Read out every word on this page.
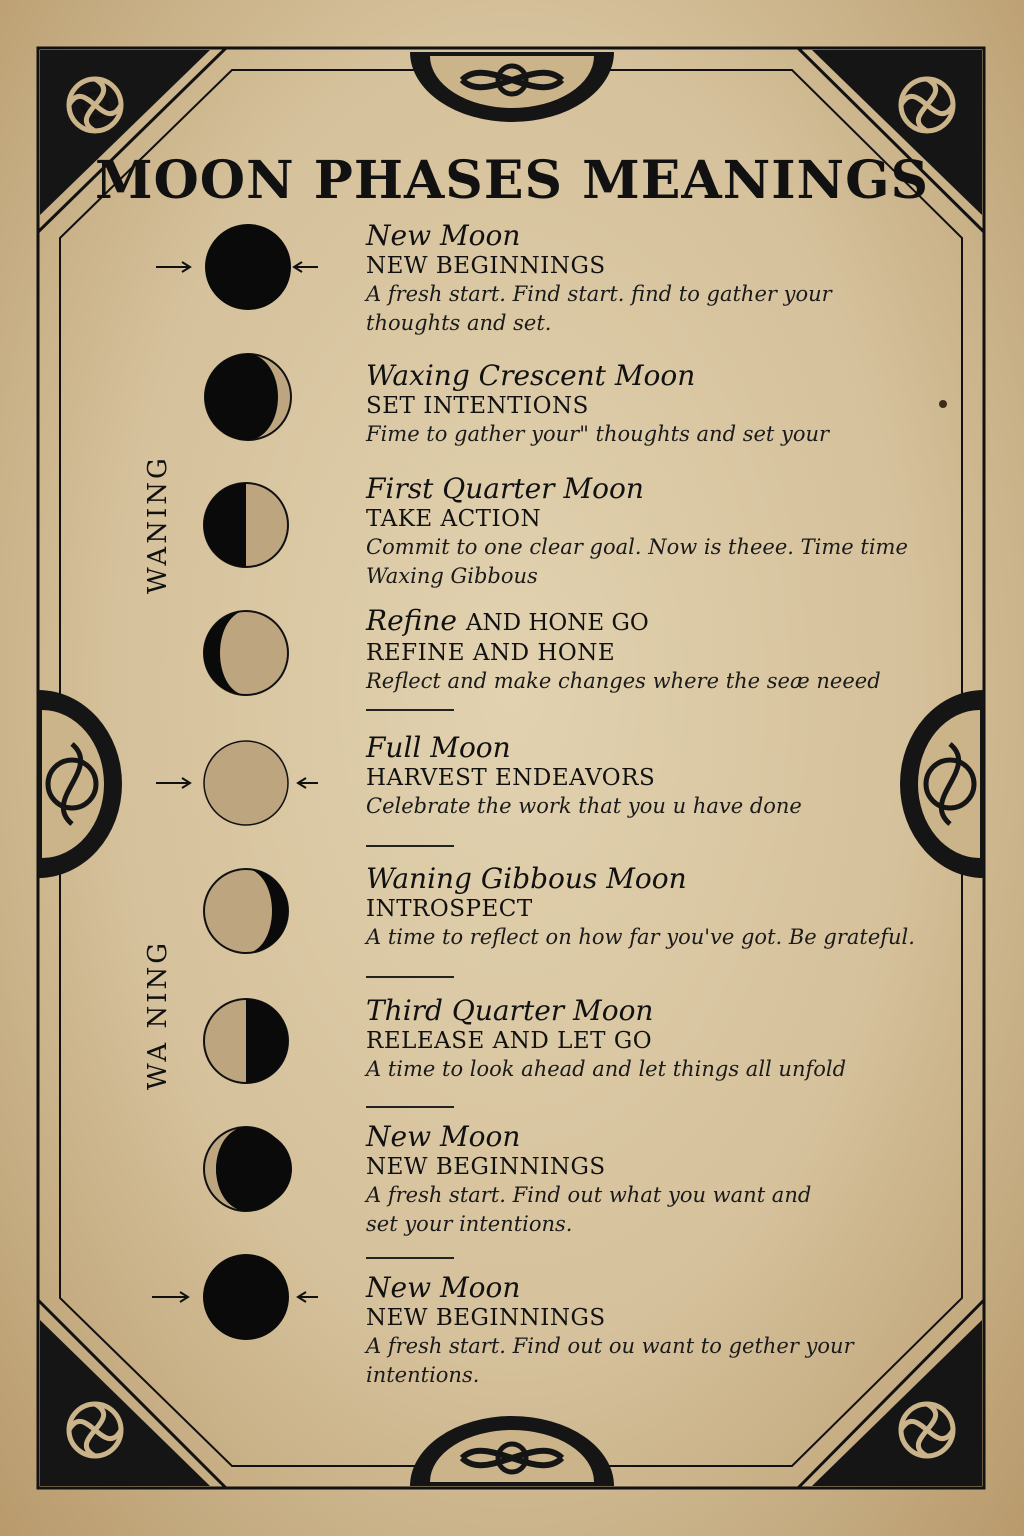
MOON PHASES MEANINGS
WANING
WA NING
New Moon
NEW BEGINNINGS
A fresh start. Find start. find to gather your
thoughts and set.
Waxing Crescent Moon
SET INTENTIONS
Fime to gather your" thoughts and set your
First Quarter Moon
TAKE ACTION
Commit to one clear goal. Now is theee. Time time
Waxing Gibbous
Refine AND HONE GO
REFINE AND HONE
Reflect and make changes where the seæ neeed
Full Moon
HARVEST ENDEAVORS
Celebrate the work that you u have done
Waning Gibbous Moon
INTROSPECT
A time to reflect on how far you've got. Be grateful.
Third Quarter Moon
RELEASE AND LET GO
A time to look ahead and let things all unfold
New Moon
NEW BEGINNINGS
A fresh start. Find out what you want and
set your intentions.
New Moon
NEW BEGINNINGS
A fresh start. Find out ou want to gether your
intentions.
